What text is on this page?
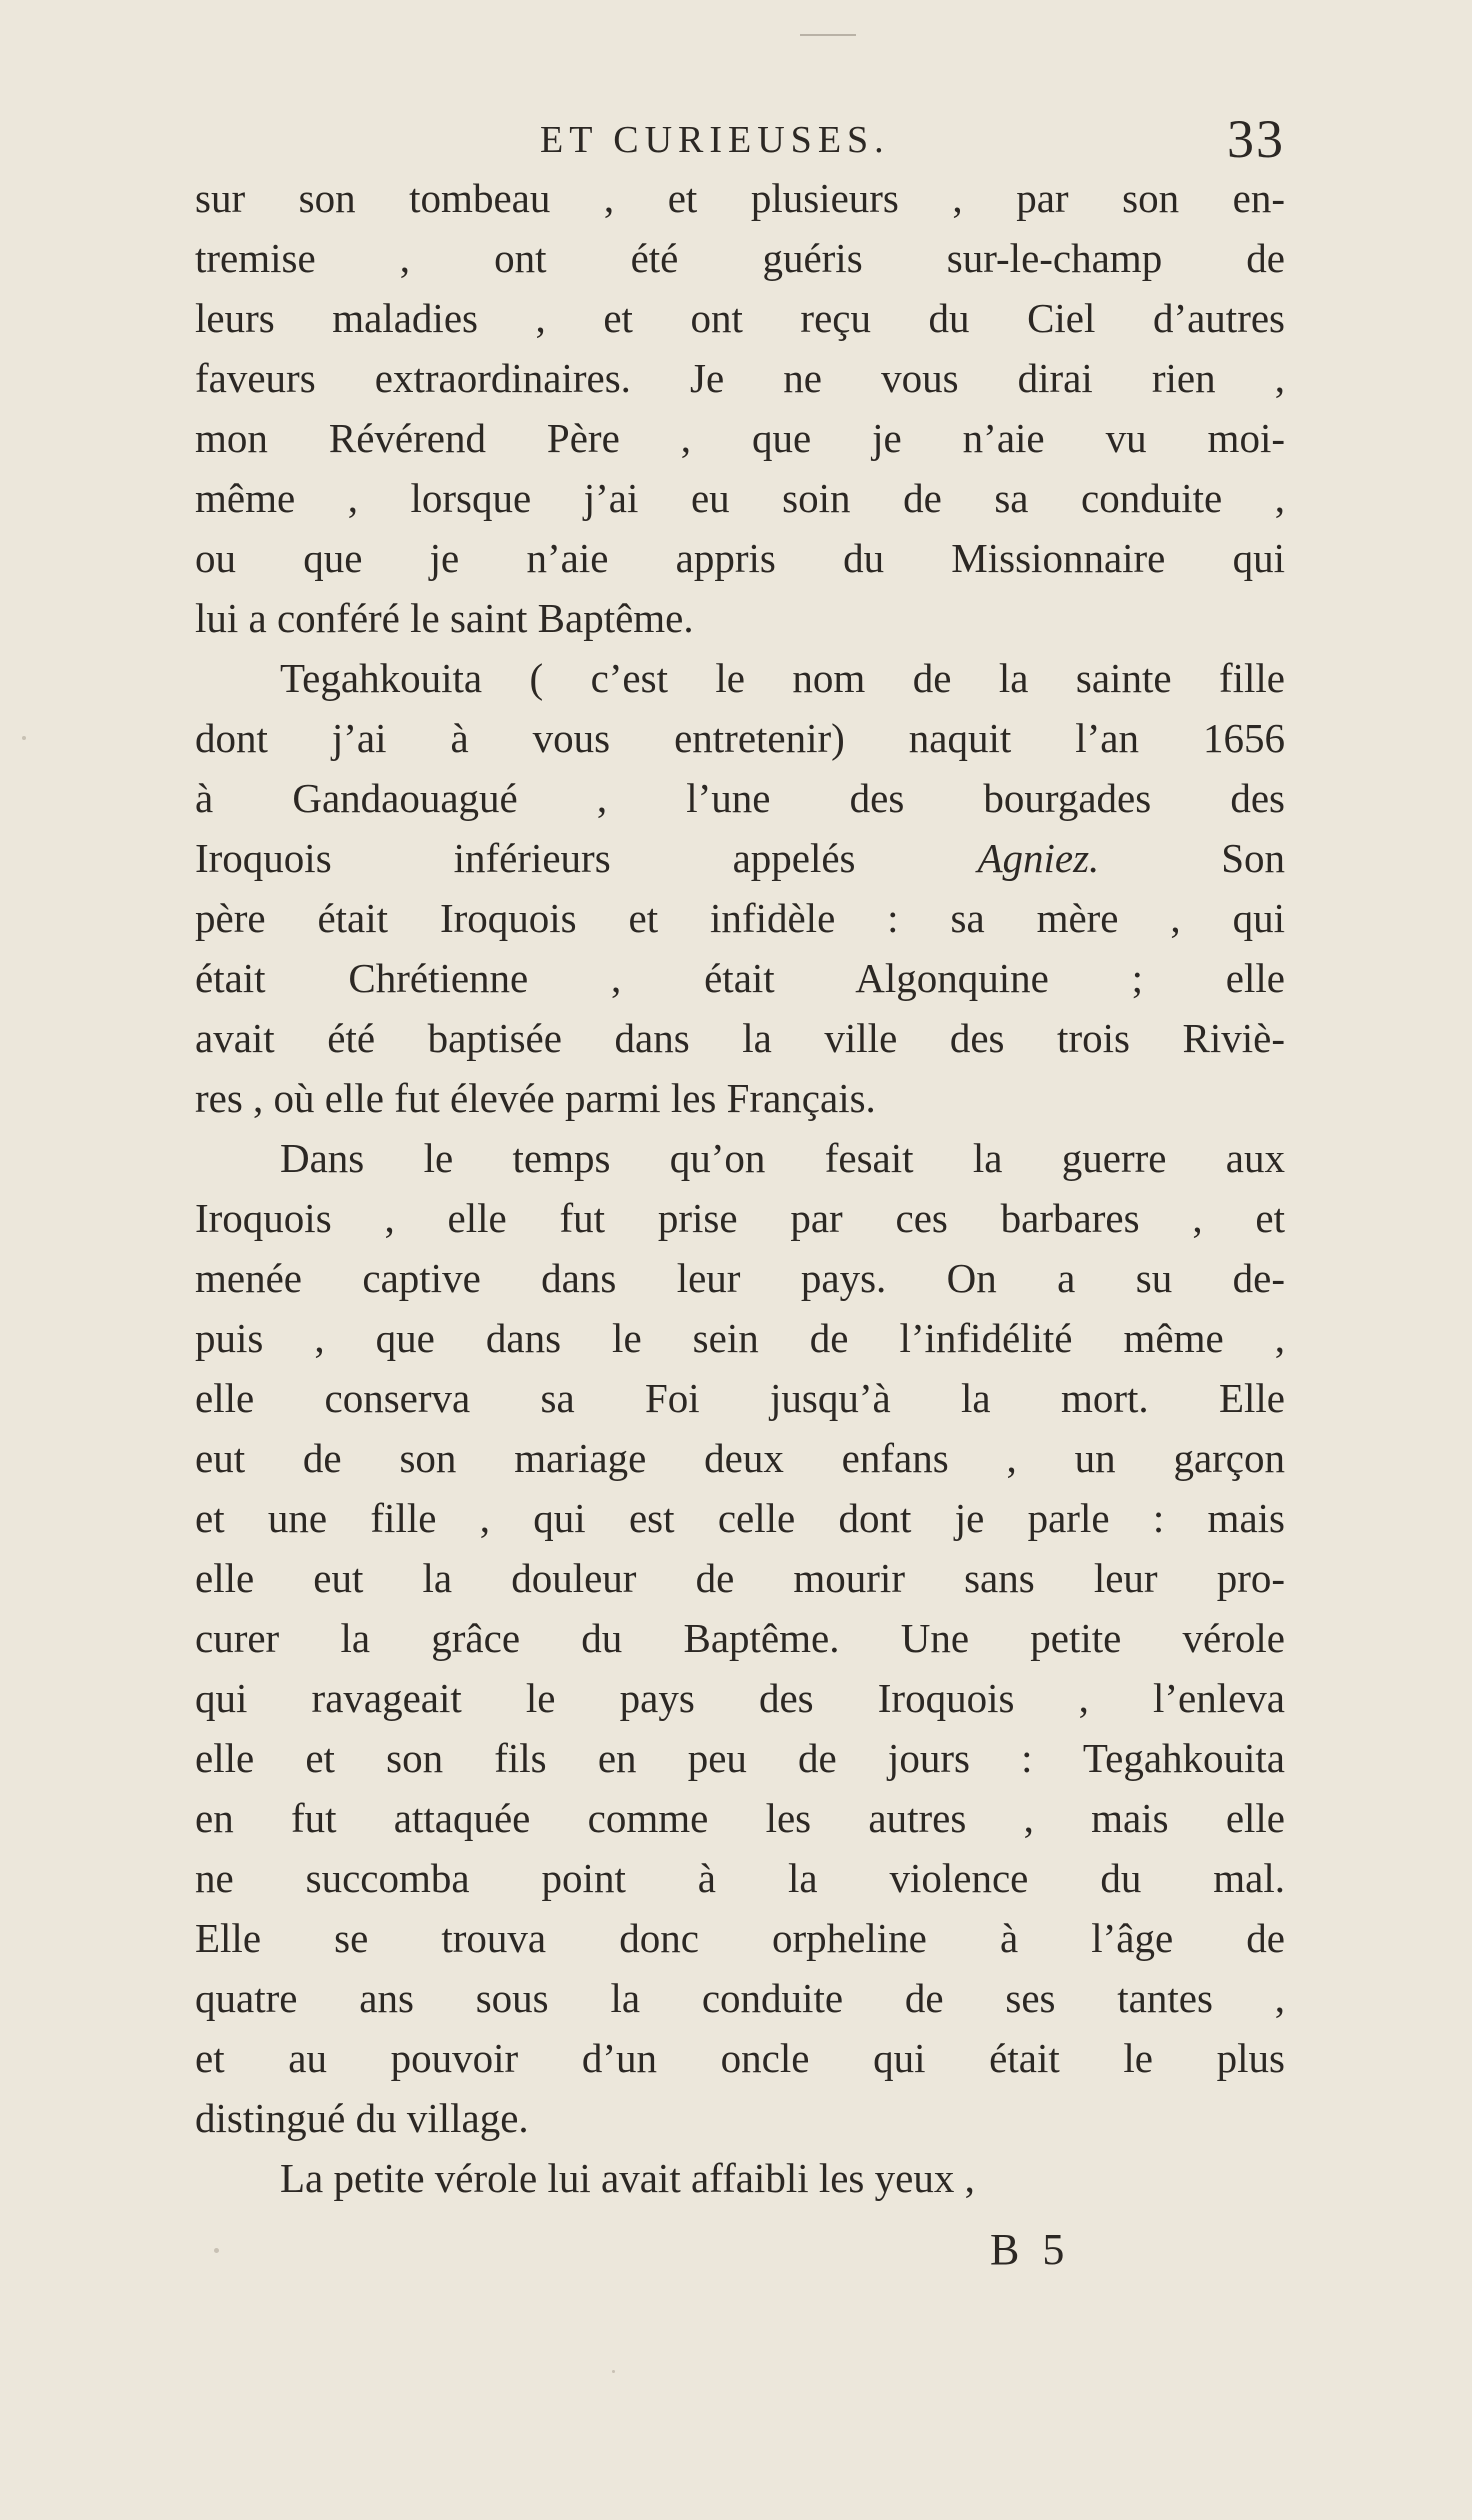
ET CURIEUSES.	33
sur son tombeau , et plusieurs , par son en-
tremise , ont été guéris sur-le-champ de
leurs maladies , et ont reçu du Ciel d’autres
faveurs extraordinaires. Je ne vous dirai rien ,
mon Révérend Père , que je n’aie vu moi-
même , lorsque j’ai eu soin de sa conduite ,
ou que je n’aie appris du Missionnaire qui
lui a conféré le saint Baptême.
Tegahkouita ( c’est le nom de la sainte fille
dont j’ai à vous entretenir) naquit l’an 1656
à Gandaouagué , l’une des bourgades des
Iroquois inférieurs appelés Agniez. Son
père était Iroquois et infidèle : sa mère , qui
était Chrétienne , était Algonquine ; elle
avait été baptisée dans la ville des trois Riviè-
res , où elle fut élevée parmi les Français.
Dans le temps qu’on fesait la guerre aux
Iroquois , elle fut prise par ces barbares , et
menée captive dans leur pays. On a su de-
puis , que dans le sein de l’infidélité même ,
elle conserva sa Foi jusqu’à la mort. Elle
eut de son mariage deux enfans , un garçon
et une fille , qui est celle dont je parle : mais
elle eut la douleur de mourir sans leur pro-
curer la grâce du Baptême. Une petite vérole
qui ravageait le pays des Iroquois , l’enleva
elle et son fils en peu de jours : Tegahkouita
en fut attaquée comme les autres , mais elle
ne succomba point à la violence du mal.
Elle se trouva donc orpheline à l’âge de
quatre ans sous la conduite de ses tantes ,
et au pouvoir d’un oncle qui était le plus
distingué du village.
La petite vérole lui avait affaibli les yeux ,
B 5
